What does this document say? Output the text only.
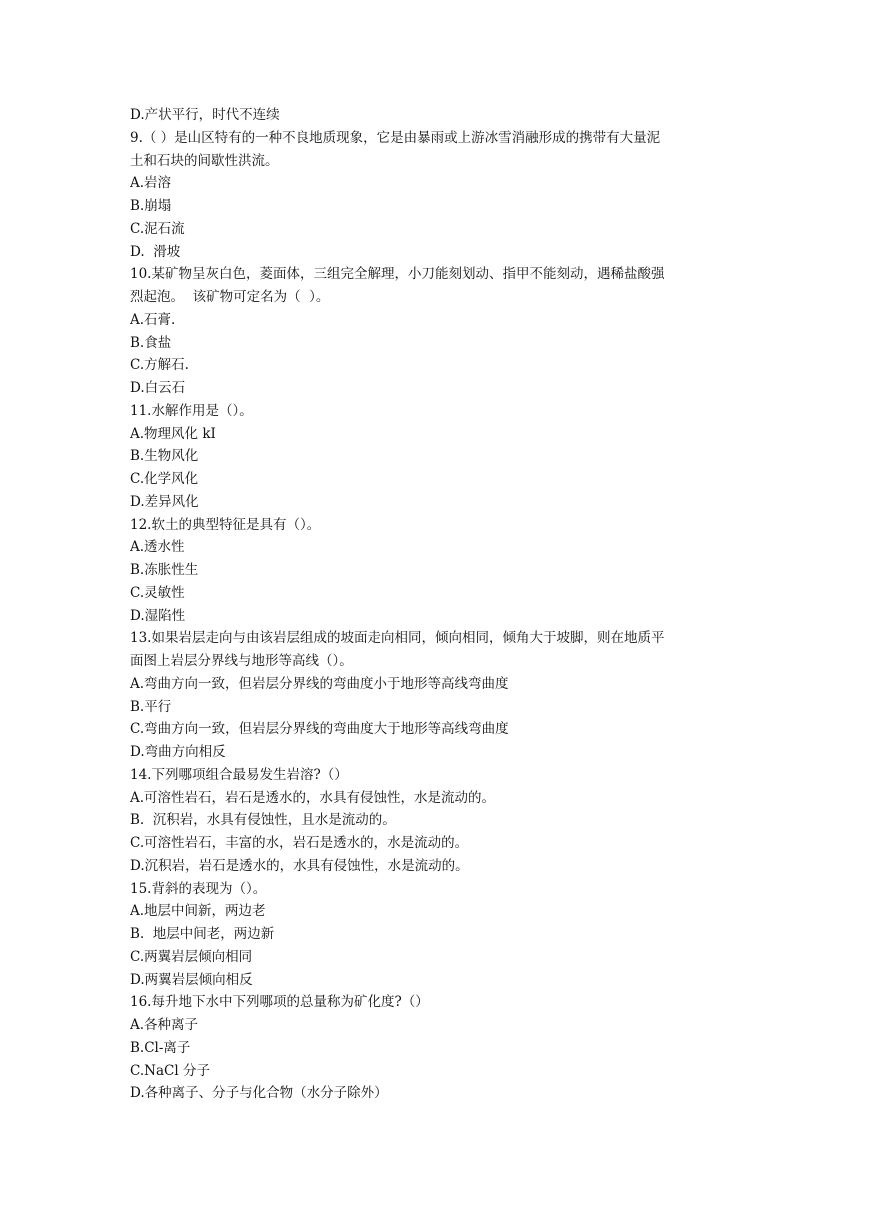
D.产状平行，时代不连续
9.（ ）是山区特有的一种不良地质现象，它是由暴雨或上游冰雪消融形成的携带有大量泥
土和石块的间歇性洪流。
A.岩溶
B.崩塌
C.泥石流
D.  滑坡
10.某矿物呈灰白色，菱面体，三组完全解理，小刀能刻划动、指甲不能刻动，遇稀盐酸强
烈起泡。  该矿物可定名为（  ）。
A.石膏.
B.食盐
C.方解石.
D.白云石
11.水解作用是（）。
A.物理风化 kI
B.生物风化
C.化学风化
D.差异风化
12.软土的典型特征是具有（）。
A.透水性
B.冻胀性生
C.灵敏性
D.湿陷性
13.如果岩层走向与由该岩层组成的坡面走向相同，倾向相同，倾角大于坡脚，则在地质平
面图上岩层分界线与地形等高线（）。
A.弯曲方向一致，但岩层分界线的弯曲度小于地形等高线弯曲度
B.平行
C.弯曲方向一致，但岩层分界线的弯曲度大于地形等高线弯曲度
D.弯曲方向相反
14.下列哪项组合最易发生岩溶?（）
A.可溶性岩石，岩石是透水的，水具有侵蚀性，水是流动的。
B.  沉积岩，水具有侵蚀性，且水是流动的。
C.可溶性岩石，丰富的水，岩石是透水的，水是流动的。
D.沉积岩，岩石是透水的，水具有侵蚀性，水是流动的。
15.背斜的表现为（）。
A.地层中间新，两边老
B.  地层中间老，两边新
C.两翼岩层倾向相同
D.两翼岩层倾向相反
16.每升地下水中下列哪项的总量称为矿化度?（）
A.各种离子
B.Cl-离子
C.NaCl 分子
D.各种离子、分子与化合物（水分子除外）
